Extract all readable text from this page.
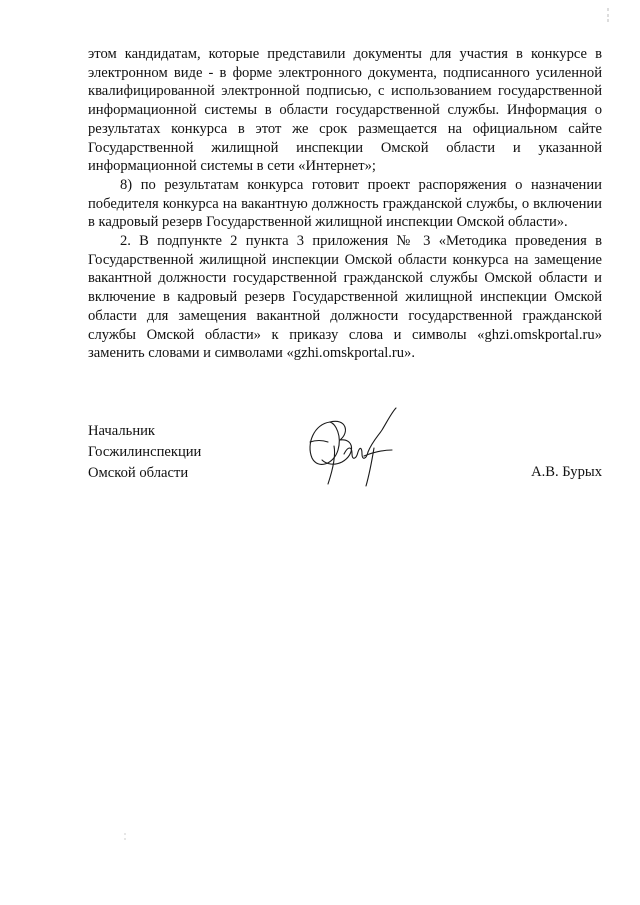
этом кандидатам, которые представили документы для участия в конкурсе в электронном виде - в форме электронного документа, подписанного усиленной квалифицированной электронной подписью, с использованием государственной информационной системы в области государственной службы. Информация о результатах конкурса в этот же срок размещается на официальном сайте Государственной жилищной инспекции Омской области и указанной информационной системы в сети «Интернет»;

8) по результатам конкурса готовит проект распоряжения о назначении победителя конкурса на вакантную должность гражданской службы, о включении в кадровый резерв Государственной жилищной инспекции Омской области».

2. В подпункте 2 пункта 3 приложения № 3 «Методика проведения в Государственной жилищной инспекции Омской области конкурса на замещение вакантной должности государственной гражданской службы Омской области и включение в кадровый резерв Государственной жилищной инспекции Омской области для замещения вакантной должности государственной гражданской службы Омской области» к приказу слова и символы «ghzi.omskportal.ru» заменить словами и символами «gzhi.omskportal.ru».

Начальник
Госжилинспекции
Омской области	А.В. Бурых
